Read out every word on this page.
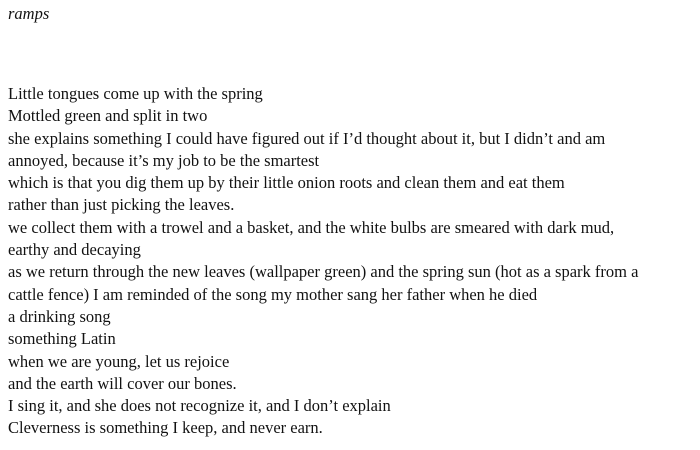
ramps
Little tongues come up with the spring
Mottled green and split in two
she explains something I could have figured out if I’d thought about it, but I didn’t and am
annoyed, because it’s my job to be the smartest
which is that you dig them up by their little onion roots and clean them and eat them
rather than just picking the leaves.
we collect them with a trowel and a basket, and the white bulbs are smeared with dark mud,
earthy and decaying
as we return through the new leaves (wallpaper green) and the spring sun (hot as a spark from a
cattle fence) I am reminded of the song my mother sang her father when he died
a drinking song
something Latin
when we are young, let us rejoice
and the earth will cover our bones.
I sing it, and she does not recognize it, and I don’t explain
Cleverness is something I keep, and never earn.
